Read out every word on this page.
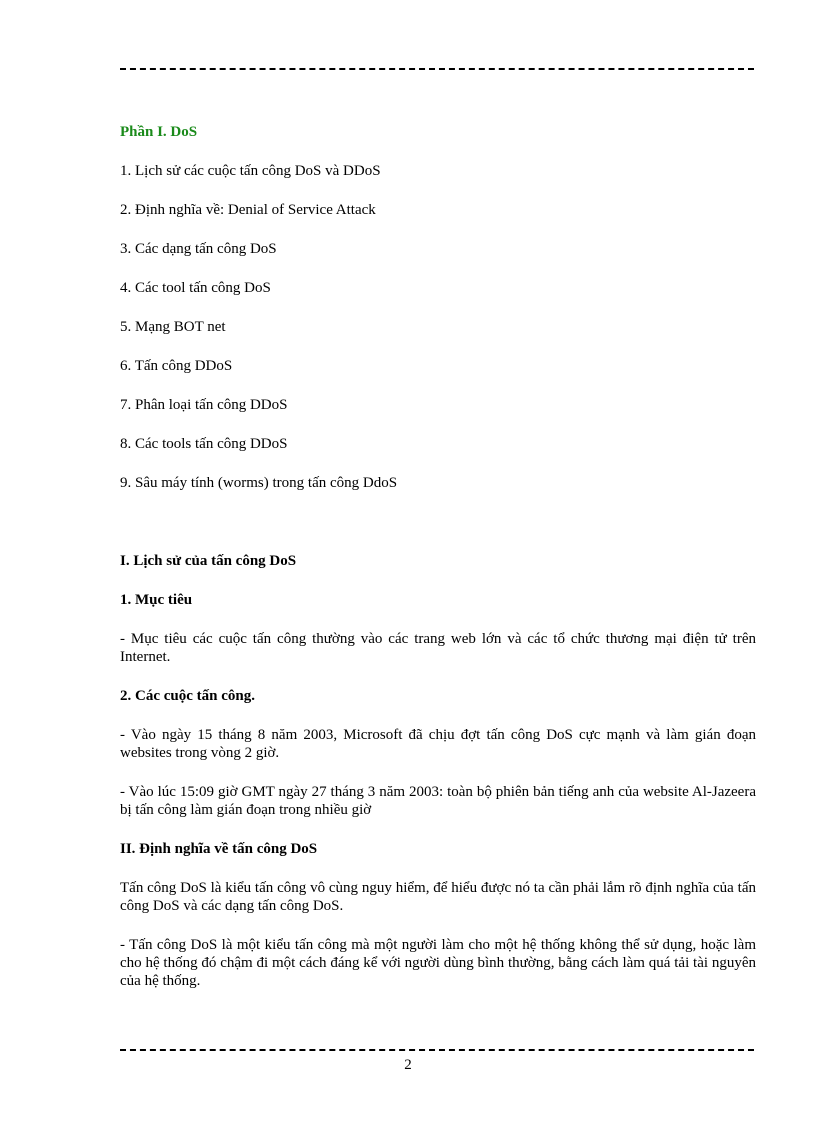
Phần I. DoS

1. Lịch sử các cuộc tấn công DoS và DDoS

2. Định nghĩa về: Denial of Service Attack

3. Các dạng tấn công DoS

4. Các tool tấn công DoS

5. Mạng BOT net

6. Tấn công DDoS

7. Phân loại tấn công DDoS

8. Các tools tấn công DDoS

9. Sâu máy tính (worms) trong tấn công DdoS

I. Lịch sử của tấn công DoS

1. Mục tiêu

- Mục tiêu các cuộc tấn công thường vào các trang web lớn và các tổ chức thương mại điện tử trên Internet.

2. Các cuộc tấn công.

- Vào ngày 15 tháng 8 năm 2003, Microsoft đã chịu đợt tấn công DoS cực mạnh và làm gián đoạn websites trong vòng 2 giờ.

- Vào lúc 15:09 giờ GMT ngày 27 tháng 3 năm 2003: toàn bộ phiên bản tiếng anh của website Al-Jazeera bị tấn công làm gián đoạn trong nhiều giờ

II. Định nghĩa về tấn công DoS

Tấn công DoS là kiểu tấn công vô cùng nguy hiểm, để hiểu được nó ta cần phải lắm rõ định nghĩa của tấn công DoS và các dạng tấn công DoS.

- Tấn công DoS là một kiểu tấn công mà một người làm cho một hệ thống không thể sử dụng, hoặc làm cho hệ thống đó chậm đi một cách đáng kể với người dùng bình thường, bằng cách làm quá tải tài nguyên của hệ thống.

2
